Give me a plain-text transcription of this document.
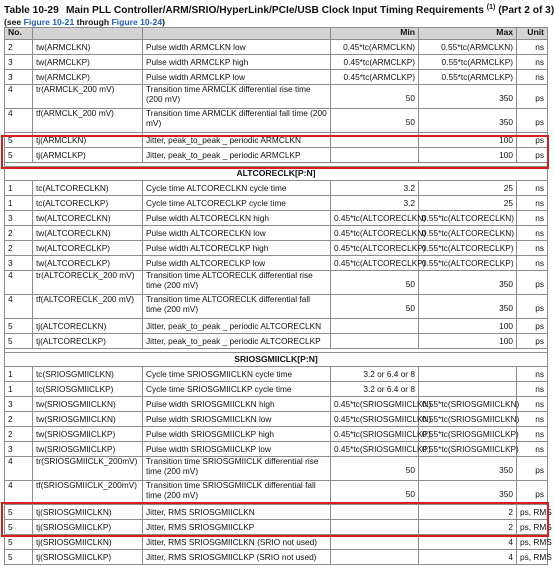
Table 10-29 Main PLL Controller/ARM/SRIO/HyperLink/PCIe/USB Clock Input Timing Requirements $^{(1)}$ (Part 2 of 3)
(see Figure 10-21 through Figure 10-24)
No.			Min	Max	Unit
2	tw(ARMCLKN)	Pulse width ARMCLKN low	0.45*tc(ARMCLKN)	0.55*tc(ARMCLKN)	ns
3	tw(ARMCLKP)	Pulse width ARMCLKP high	0.45*tc(ARMCLKP)	0.55*tc(ARMCLKP)	ns
3	tw(ARMCLKP)	Pulse width ARMCLKP low	0.45*tc(ARMCLKP)	0.55*tc(ARMCLKP)	ns
4	tr(ARMCLK_200 mV)	Transition time ARMCLK differential rise time (200 mV)	50	350	ps
4	tf(ARMCLK_200 mV)	Transition time ARMCLK differential fall time (200 mV)	50	350	ps
5	tj(ARMCLKN)	Jitter, peak_to_peak _ periodic ARMCLKN		100	ps
5	tj(ARMCLKP)	Jitter, peak_to_peak _ periodic ARMCLKP		100	ps

ALTCORECLK[P:N]					
1	tc(ALTCORECLKN)	Cycle time ALTCORECLKN cycle time	3.2	25	ns
1	tc(ALTCORECLKP)	Cycle time ALTCORECLKP cycle time	3.2	25	ns
3	tw(ALTCORECLKN)	Pulse width ALTCORECLKN high	0.45*tc(ALTCORECLKN)	0.55*tc(ALTCORECLKN)	ns
2	tw(ALTCORECLKN)	Pulse width ALTCORECLKN low	0.45*tc(ALTCORECLKN)	0.55*tc(ALTCORECLKN)	ns
2	tw(ALTCORECLKP)	Pulse width ALTCORECLKP high	0.45*tc(ALTCORECLKP)	0.55*tc(ALTCORECLKP)	ns
3	tw(ALTCORECLKP)	Pulse width ALTCORECLKP low	0.45*tc(ALTCORECLKP)	0.55*tc(ALTCORECLKP)	ns
4	tr(ALTCORECLK_200 mV)	Transition time ALTCORECLK differential rise time (200 mV)	50	350	ps
4	tf(ALTCORECLK_200 mV)	Transition time ALTCORECLK differential fall time (200 mV)	50	350	ps
5	tj(ALTCORECLKN)	Jitter, peak_to_peak _ periodic ALTCORECLKN		100	ps
5	tj(ALTCORECLKP)	Jitter, peak_to_peak _ periodic ALTCORECLKP		100	ps

SRIOSGMIICLK[P:N]					
1	tc(SRIOSGMIICLKN)	Cycle time SRIOSGMIICLKN cycle time	3.2 or 6.4 or 8		ns
1	tc(SRIOSGMIICLKP)	Cycle time SRIOSGMIICLKP cycle time	3.2 or 6.4 or 8		ns
3	tw(SRIOSGMIICLKN)	Pulse width SRIOSGMIICLKN high	0.45*tc(SRIOSGMIICLKN)	0.55*tc(SRIOSGMIICLKN)	ns
2	tw(SRIOSGMIICLKN)	Pulse width SRIOSGMIICLKN low	0.45*tc(SRIOSGMIICLKN)	0.55*tc(SRIOSGMIICLKN)	ns
2	tw(SRIOSGMIICLKP)	Pulse width SRIOSGMIICLKP high	0.45*tc(SRIOSGMIICLKP)	0.55*tc(SRIOSGMIICLKP)	ns
3	tw(SRIOSGMIICLKP)	Pulse width SRIOSGMIICLKP low	0.45*tc(SRIOSGMIICLKP)	0.55*tc(SRIOSGMIICLKP)	ns
4	tr(SRIOSGMIICLK_200mV)	Transition time SRIOSGMIICLK differential rise time (200 mV)	50	350	ps
4	tf(SRIOSGMIICLK_200mV)	Transition time SRIOSGMIICLK differential fall time (200 mV)	50	350	ps
5	tj(SRIOSGMIICLKN)	Jitter, RMS SRIOSGMIICLKN		2	ps, RMS
5	tj(SRIOSGMIICLKP)	Jitter, RMS SRIOSGMIICLKP		2	ps, RMS
5	tj(SRIOSGMIICLKN)	Jitter, RMS SRIOSGMIICLKN (SRIO not used)		4	ps, RMS
5	tj(SRIOSGMIICLKP)	Jitter, RMS SRIOSGMIICLKP (SRIO not used)		4	ps, RMS
